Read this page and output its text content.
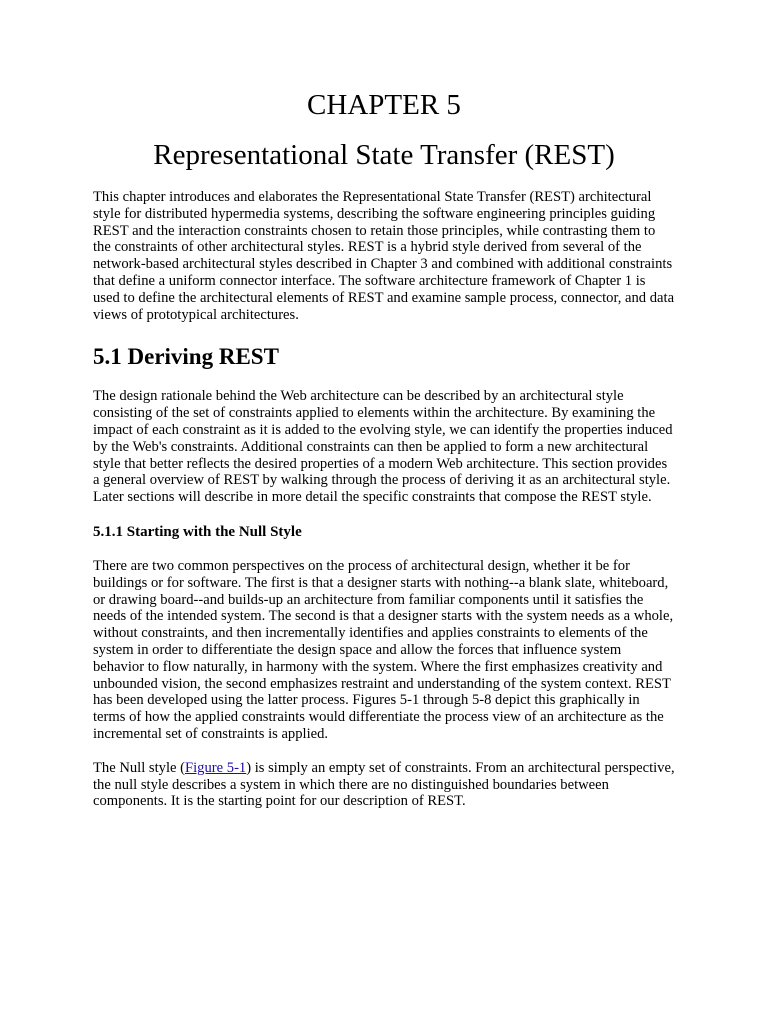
CHAPTER 5
Representational State Transfer (REST)

This chapter introduces and elaborates the Representational State Transfer (REST) architectural style for distributed hypermedia systems, describing the software engineering principles guiding REST and the interaction constraints chosen to retain those principles, while contrasting them to the constraints of other architectural styles. REST is a hybrid style derived from several of the network-based architectural styles described in Chapter 3 and combined with additional constraints that define a uniform connector interface. The software architecture framework of Chapter 1 is used to define the architectural elements of REST and examine sample process, connector, and data views of prototypical architectures.

5.1 Deriving REST

The design rationale behind the Web architecture can be described by an architectural style consisting of the set of constraints applied to elements within the architecture. By examining the impact of each constraint as it is added to the evolving style, we can identify the properties induced by the Web's constraints. Additional constraints can then be applied to form a new architectural style that better reflects the desired properties of a modern Web architecture. This section provides a general overview of REST by walking through the process of deriving it as an architectural style. Later sections will describe in more detail the specific constraints that compose the REST style.

5.1.1 Starting with the Null Style

There are two common perspectives on the process of architectural design, whether it be for buildings or for software. The first is that a designer starts with nothing--a blank slate, whiteboard, or drawing board--and builds-up an architecture from familiar components until it satisfies the needs of the intended system. The second is that a designer starts with the system needs as a whole, without constraints, and then incrementally identifies and applies constraints to elements of the system in order to differentiate the design space and allow the forces that influence system behavior to flow naturally, in harmony with the system. Where the first emphasizes creativity and unbounded vision, the second emphasizes restraint and understanding of the system context. REST has been developed using the latter process. Figures 5-1 through 5-8 depict this graphically in terms of how the applied constraints would differentiate the process view of an architecture as the incremental set of constraints is applied.

The Null style (Figure 5-1) is simply an empty set of constraints. From an architectural perspective, the null style describes a system in which there are no distinguished boundaries between components. It is the starting point for our description of REST.
